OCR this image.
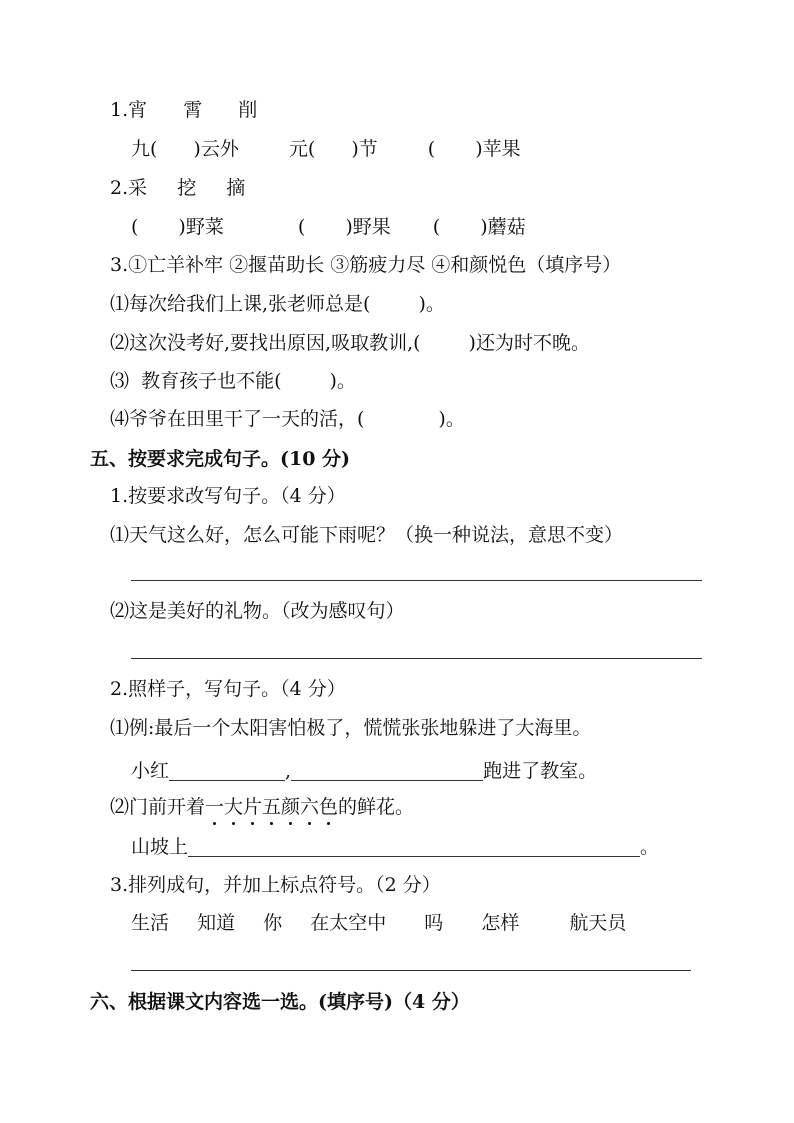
1.宵 霄 削
九( )云外	元( )节	( )苹果
2.采 挖 摘
( )野菜	( )野果 ( )蘑菇
3.①亡羊补牢 ②揠苗助长 ③筋疲力尽 ④和颜悦色（填序号）
⑴每次给我们上课,张老师总是(	)。
⑵这次没考好,要找出原因,吸取教训,(	)还为时不晚。
⑶  教育孩子也不能(	)。
⑷爷爷在田里干了一天的活，(	)。
五、按要求完成句子。(10 分)
1.按要求改写句子。（4 分）
⑴天气这么好，怎么可能下雨呢？（换一种说法，意思不变）
⑵这是美好的礼物。（改为感叹句）
2.照样子，写句子。（4 分）
⑴例:最后一个太阳害怕极了，慌慌张张地躲进了大海里。
小红	,	跑进了教室。
⑵门前开着一大片五颜六色
的鲜花。
山坡上	。
3.排列成句，并加上标点符号。（2 分）
生活 知道 你 在太空中 吗 怎样	航天员
六、根据课文内容选一选。(填序号)（4 分）
